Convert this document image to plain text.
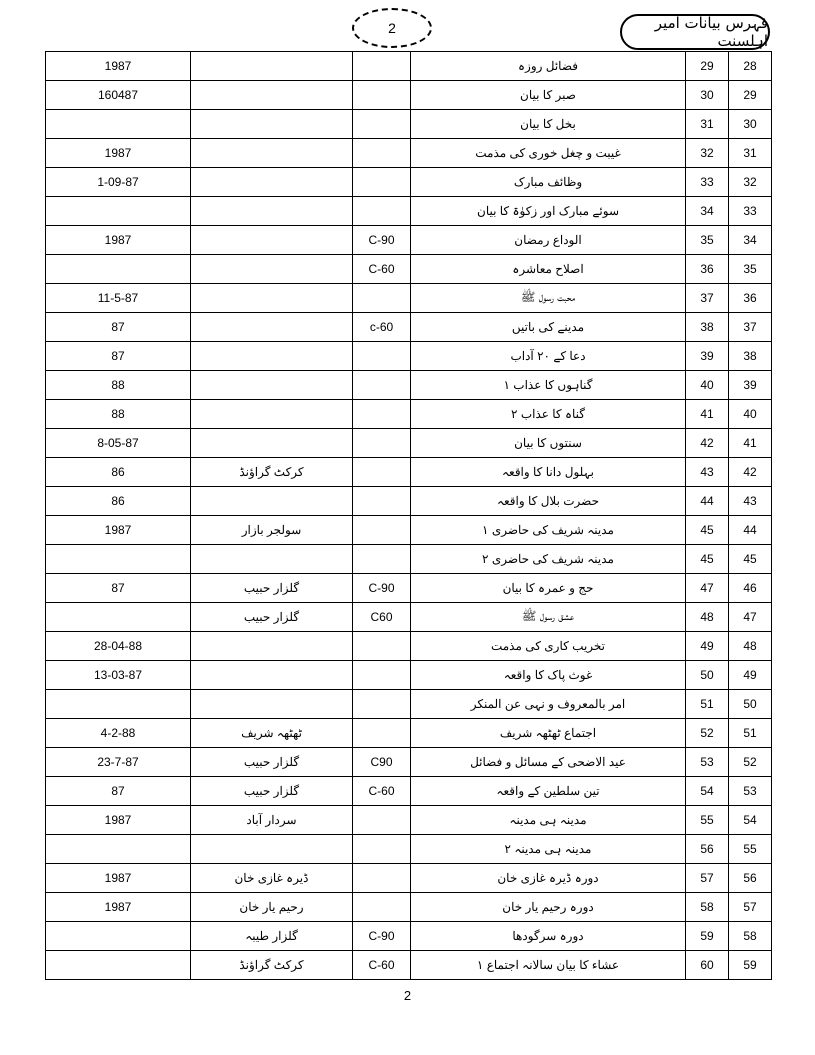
فہرس بیانات امیر اہلسنت
2
1987			فضائل روزہ	29	28
160487			صبر کا بیان	30	29
			بخل کا بیان	31	30
1987			غیبت و چغل خوری کی مذمت	32	31
1-09-87			وظائف مبارک	33	32
			سوئے مبارک اور زکوٰۃ کا بیان	34	33
1987		C-90	الوداع رمضان	35	34
		C-60	اصلاح معاشرہ	36	35
11-5-87			محبت رسول ﷺ	37	36
87		c-60	مدینے کی باتیں	38	37
87			دعا کے ۲۰ آداب	39	38
88			گناہوں کا عذاب ۱	40	39
88			گناہ کا عذاب ۲	41	40
8-05-87			سنتوں کا بیان	42	41
86	کرکٹ گراؤنڈ		بہلول دانا کا واقعہ	43	42
86			حضرت بلال کا واقعہ	44	43
1987	سولجر بازار		مدینہ شریف کی حاضری ۱	45	44
			مدینہ شریف کی حاضری ۲	45	45
87	گلزار حبیب	C-90	حج و عمرہ کا بیان	47	46
	گلزار حبیب	C60	عشق رسول ﷺ	48	47
28-04-88			تخریب کاری کی مذمت	49	48
13-03-87			غوث پاک کا واقعہ	50	49
			امر بالمعروف و نہی عن المنکر	51	50
4-2-88	ٹھٹھہ شریف		اجتماع ٹھٹھہ شریف	52	51
23-7-87	گلزار حبیب	C90	عید الاضحی کے مسائل و فضائل	53	52
87	گلزار حبیب	C-60	تین سلطین کے واقعہ	54	53
1987	سردار آباد		مدینہ ہی مدینہ	55	54
			مدینہ ہی مدینہ ۲	56	55
1987	ڈیرہ غازی خان		دورہ ڈیرہ غازی خان	57	56
1987	رحیم یار خان		دورہ رحیم یار خان	58	57
	گلزار طیبہ	C-90	دورہ سرگودھا	59	58
	کرکٹ گراؤنڈ	C-60	عشاء کا بیان سالانہ اجتماع ۱	60	59
2
